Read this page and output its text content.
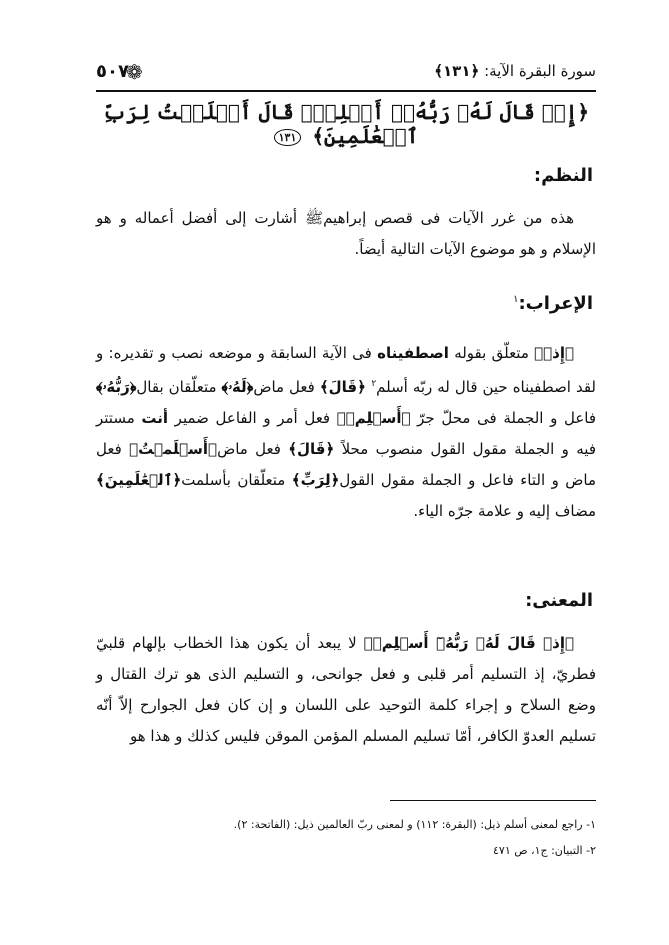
سورة البقرة الآية: ﴿١٣١﴾
❁
٥٠٧
﴿إِذۡ قَالَ لَهُۥ رَبُّهُۥٓ أَسۡلِمۡۖ قَالَ أَسۡلَمۡتُ لِرَبِّ ٱلۡعَٰلَمِينَ﴾ ١٣١
النظم:

هذه من غرر الآيات فى قصص إبراهيمﷺ أشارت إلى أفضل أعماله و هو الإسلام و هو موضوع الآيات التالية أيضاً.

الإعراب:$^١$

﴿إِذۡ﴾ متعلّق بقوله اصطفيناه فى الآية السابقة و موضعه نصب و تقديره: و لقد اصطفيناه حين قال له ربّه أسلم$^٢$ ﴿قَالَ﴾ فعل ماض﴿لَهُۥ﴾ متعلّقان بقال﴿رَبُّهُۥ﴾ فاعل و الجملة فى محلّ جرّ ﴿أَسۡلِمۡ﴾ فعل أمر و الفاعل ضمير أنت مستتر فيه و الجملة مقول القول منصوب محلاً ﴿قَالَ﴾ فعل ماض﴿أَسۡلَمۡتُ﴾ فعل ماض و التاء فاعل و الجملة مقول القول﴿لِرَبِّ﴾ متعلّقان بأسلمت﴿ٱلۡعَٰلَمِينَ﴾ مضاف إليه و علامة جرّه الياء.

المعنى:

﴿إِذۡ قَالَ لَهُۥ رَبُّهُۥٓ أَسۡلِمۡ﴾ لا يبعد أن يكون هذا الخطاب بإلهام قلبيّ فطريّ، إذ التسليم أمر قلبى و فعل جوانحى، و التسليم الذى هو ترك القتال و وضع السلاح و إجراء كلمة التوحيد على اللسان و إن كان فعل الجوارح إلاّ أنّه تسليم العدوّ الكافر، أمّا تسليم المسلم المؤمن الموقن فليس كذلك و هذا هو

١- راجع لمعنى أسلم ذيل: (البقرة: ١١٢) و لمعنى ربّ العالمين ذيل: (الفاتحة: ٢).
٢- التبيان: ج١، ص ٤٧١
